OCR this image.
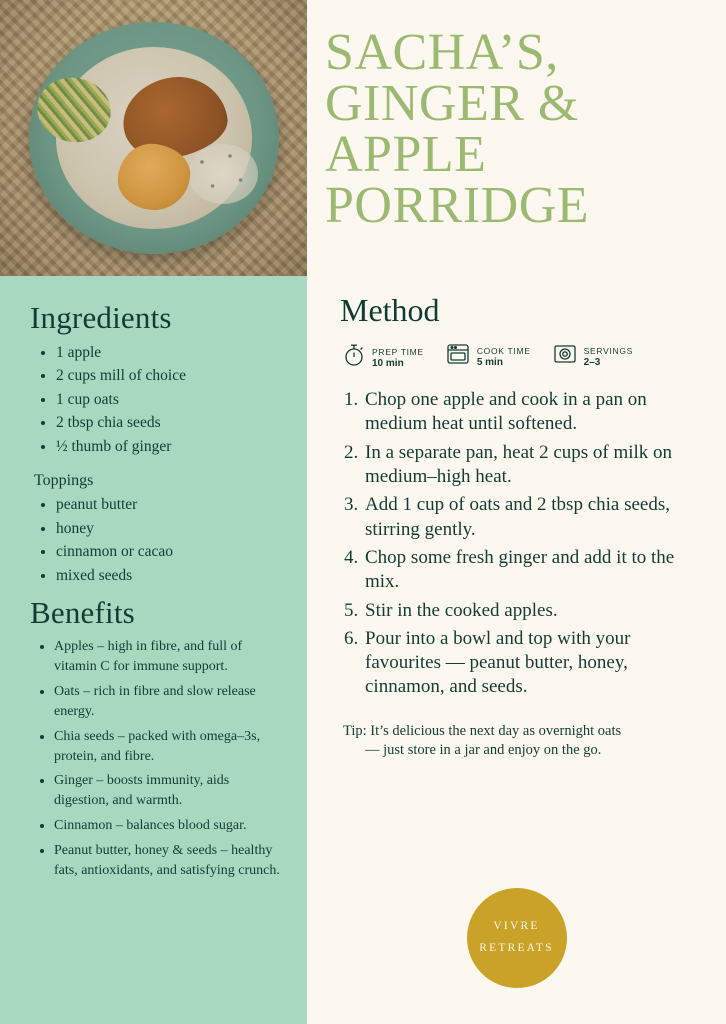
Ingredients
• 1 apple
• 2 cups mill of choice
• 1 cup oats
• 2 tbsp chia seeds
• ½ thumb of ginger
Toppings
• peanut butter
• honey
• cinnamon or cacao
• mixed seeds
Benefits
• Apples – high in fibre, and full of vitamin C for immune support.
• Oats – rich in fibre and slow release energy.
• Chia seeds – packed with omega–3s, protein, and fibre.
• Ginger – boosts immunity, aids digestion, and warmth.
• Cinnamon – balances blood sugar.
• Peanut butter, honey & seeds – healthy fats, antioxidants, and satisfying crunch.
SACHA’S, GINGER & APPLE PORRIDGE
Method
PREP TIME
10 min
COOK TIME
5 min
SERVINGS
2–3
1. Chop one apple and cook in a pan on medium heat until softened.
2. In a separate pan, heat 2 cups of milk on medium–high heat.
3. Add 1 cup of oats and 2 tbsp chia seeds, stirring gently.
4. Chop some fresh ginger and add it to the mix.
5. Stir in the cooked apples.
6. Pour into a bowl and top with your favourites — peanut butter, honey, cinnamon, and seeds.
Tip: It’s delicious the next day as overnight oats
— just store in a jar and enjoy on the go.
VIVRE
RETREATS
